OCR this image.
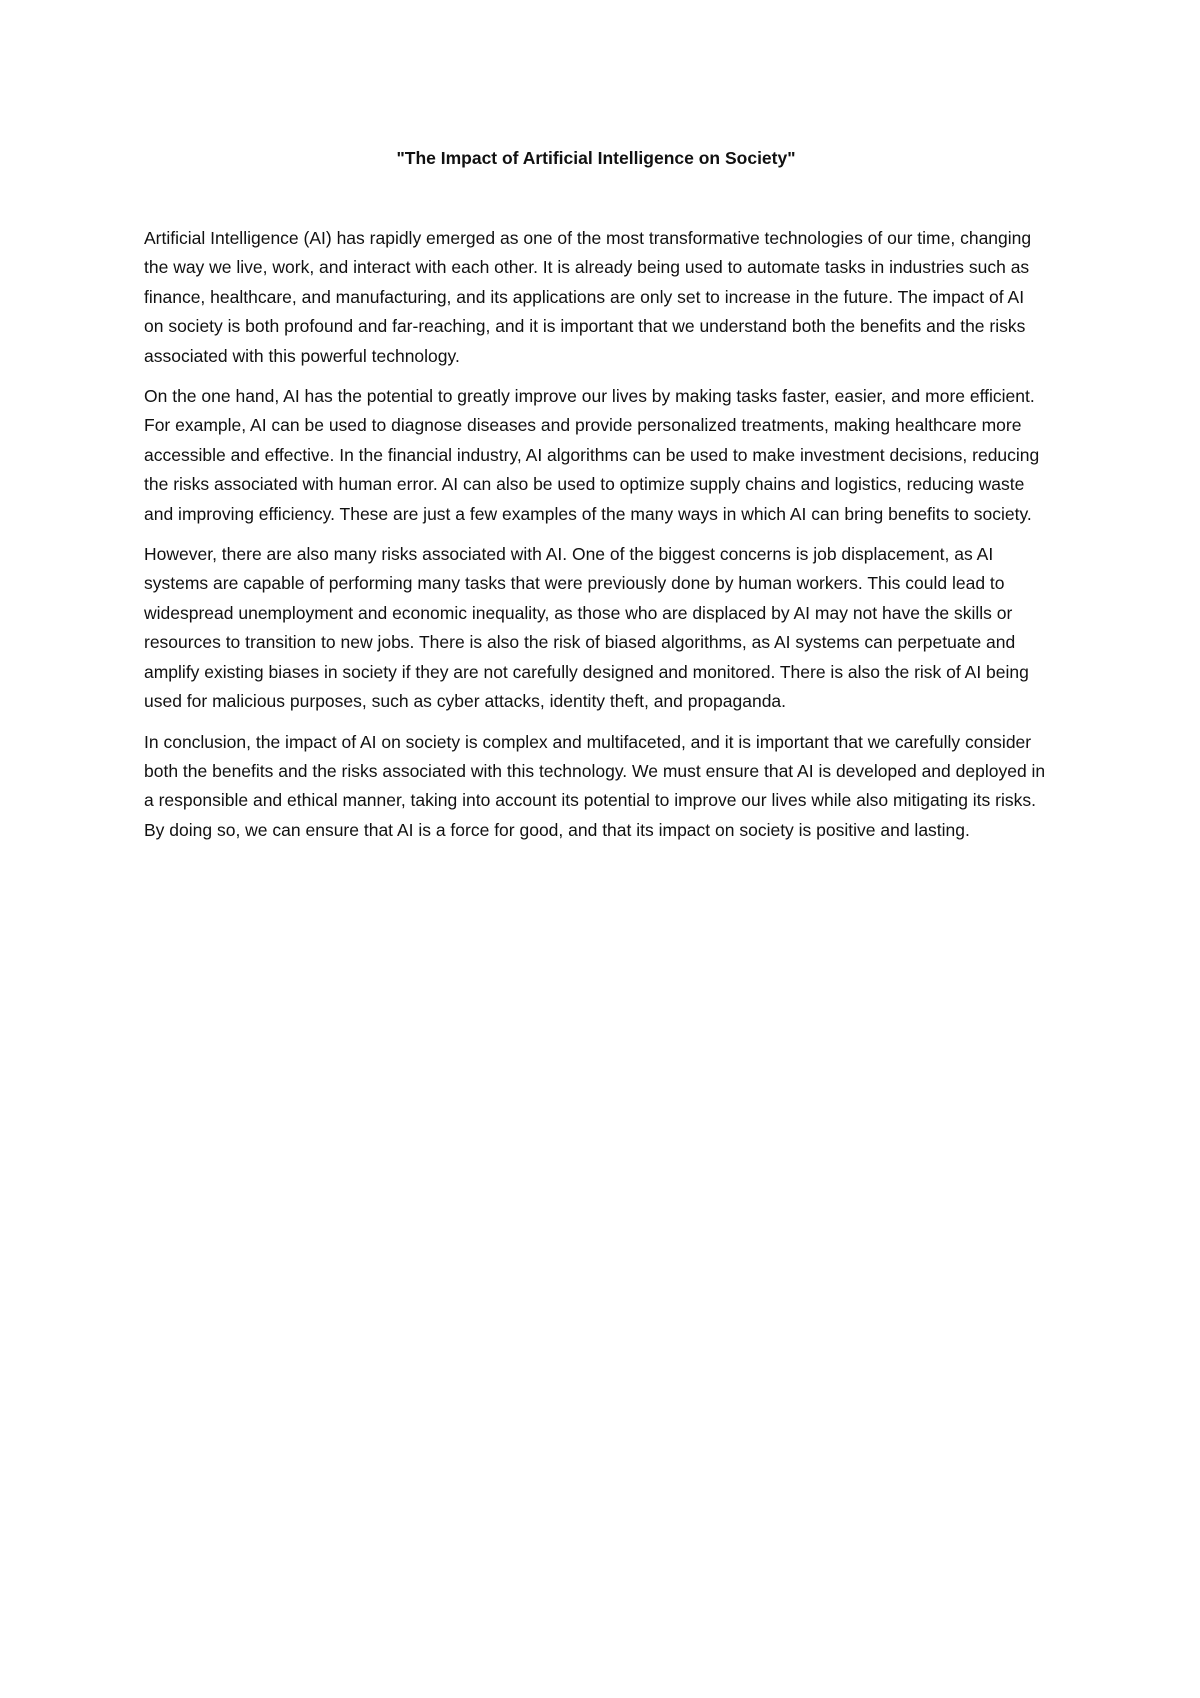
"The Impact of Artificial Intelligence on Society"

Artificial Intelligence (AI) has rapidly emerged as one of the most transformative technologies of our time, changing the way we live, work, and interact with each other. It is already being used to automate tasks in industries such as finance, healthcare, and manufacturing, and its applications are only set to increase in the future. The impact of AI on society is both profound and far-reaching, and it is important that we understand both the benefits and the risks associated with this powerful technology.

On the one hand, AI has the potential to greatly improve our lives by making tasks faster, easier, and more efficient. For example, AI can be used to diagnose diseases and provide personalized treatments, making healthcare more accessible and effective. In the financial industry, AI algorithms can be used to make investment decisions, reducing the risks associated with human error. AI can also be used to optimize supply chains and logistics, reducing waste and improving efficiency. These are just a few examples of the many ways in which AI can bring benefits to society.

However, there are also many risks associated with AI. One of the biggest concerns is job displacement, as AI systems are capable of performing many tasks that were previously done by human workers. This could lead to widespread unemployment and economic inequality, as those who are displaced by AI may not have the skills or resources to transition to new jobs. There is also the risk of biased algorithms, as AI systems can perpetuate and amplify existing biases in society if they are not carefully designed and monitored. There is also the risk of AI being used for malicious purposes, such as cyber attacks, identity theft, and propaganda.

In conclusion, the impact of AI on society is complex and multifaceted, and it is important that we carefully consider both the benefits and the risks associated with this technology. We must ensure that AI is developed and deployed in a responsible and ethical manner, taking into account its potential to improve our lives while also mitigating its risks. By doing so, we can ensure that AI is a force for good, and that its impact on society is positive and lasting.
